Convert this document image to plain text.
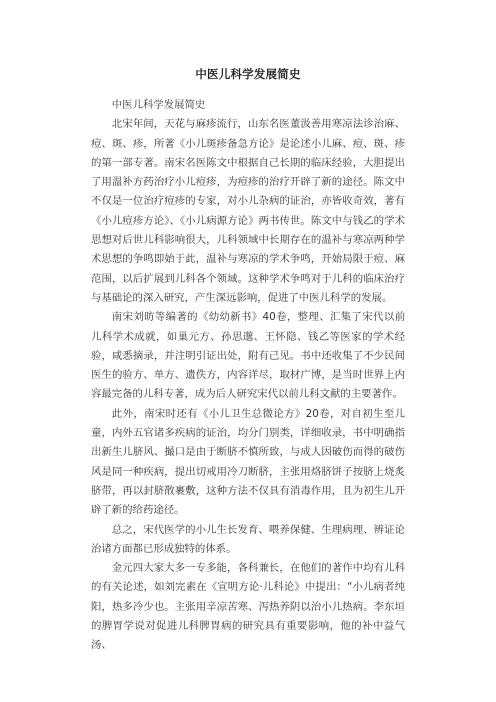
中医儿科学发展简史

中医儿科学发展简史

北宋年间，天花与麻疹流行，山东名医董汲善用寒凉法诊治麻、痘、斑、疹，所著《小儿斑疹备急方论》是论述小儿麻、痘、斑、疹的第一部专著。南宋名医陈文中根据自己长期的临床经验，大胆提出了用温补方药治疗小儿痘疹，为痘疹的治疗开辟了新的途径。陈文中不仅是一位治疗痘疹的专家，对小儿杂病的证治，亦皆收奇效，著有《小儿痘疹方论》、《小儿病源方论》两书传世。陈文中与钱乙的学术思想对后世儿科影响很大，儿科领域中长期存在的温补与寒凉两种学术思想的争鸣即始于此，温补与寒凉的学术争鸣，开始局限于痘、麻范围，以后扩展到儿科各个领域。这种学术争鸣对于儿科的临床治疗与基础论的深入研究，产生深远影响，促进了中医儿科学的发展。

南宋刘昉等编著的《幼幼新书》40卷，整理、汇集了宋代以前儿科学术成就，如巢元方、孙思邈、王怀隐、钱乙等医家的学术经验，咸悉摘录，并注明引证出处，附有己见。书中还收集了不少民间医生的验方、单方、遗佚方，内容详尽，取材广博，是当时世界上内容最完备的儿科专著，成为后人研究宋代以前儿科文献的主要著作。

此外，南宋时还有《小儿卫生总微论方》20卷，对自初生至儿童，内外五官诸多疾病的证治，均分门别类，详细收录，书中明确指出新生儿脐风、撮口是由于断脐不慎所致，与成人因破伤而得的破伤风是同一种疾病，提出切戒用冷刀断脐，主张用烙脐饼子按脐上烧炙脐带，再以封脐散裹敷，这种方法不仅具有消毒作用，且为初生儿开辟了新的给药途径。

总之，宋代医学的小儿生长发育、喂养保健、生理病理、辨证论治诸方面都已形成独特的体系。

金元四大家大多一专多能，各科兼长，在他们的著作中均有儿科的有关论述，如刘完素在《宣明方论·儿科论》中提出：“小儿病者纯阳，热多冷少也。主张用辛凉苦寒、泻热养阴以治小儿热病。李东垣的脾胃学说对促进儿科脾胃病的研究具有重要影响，他的补中益气汤、
